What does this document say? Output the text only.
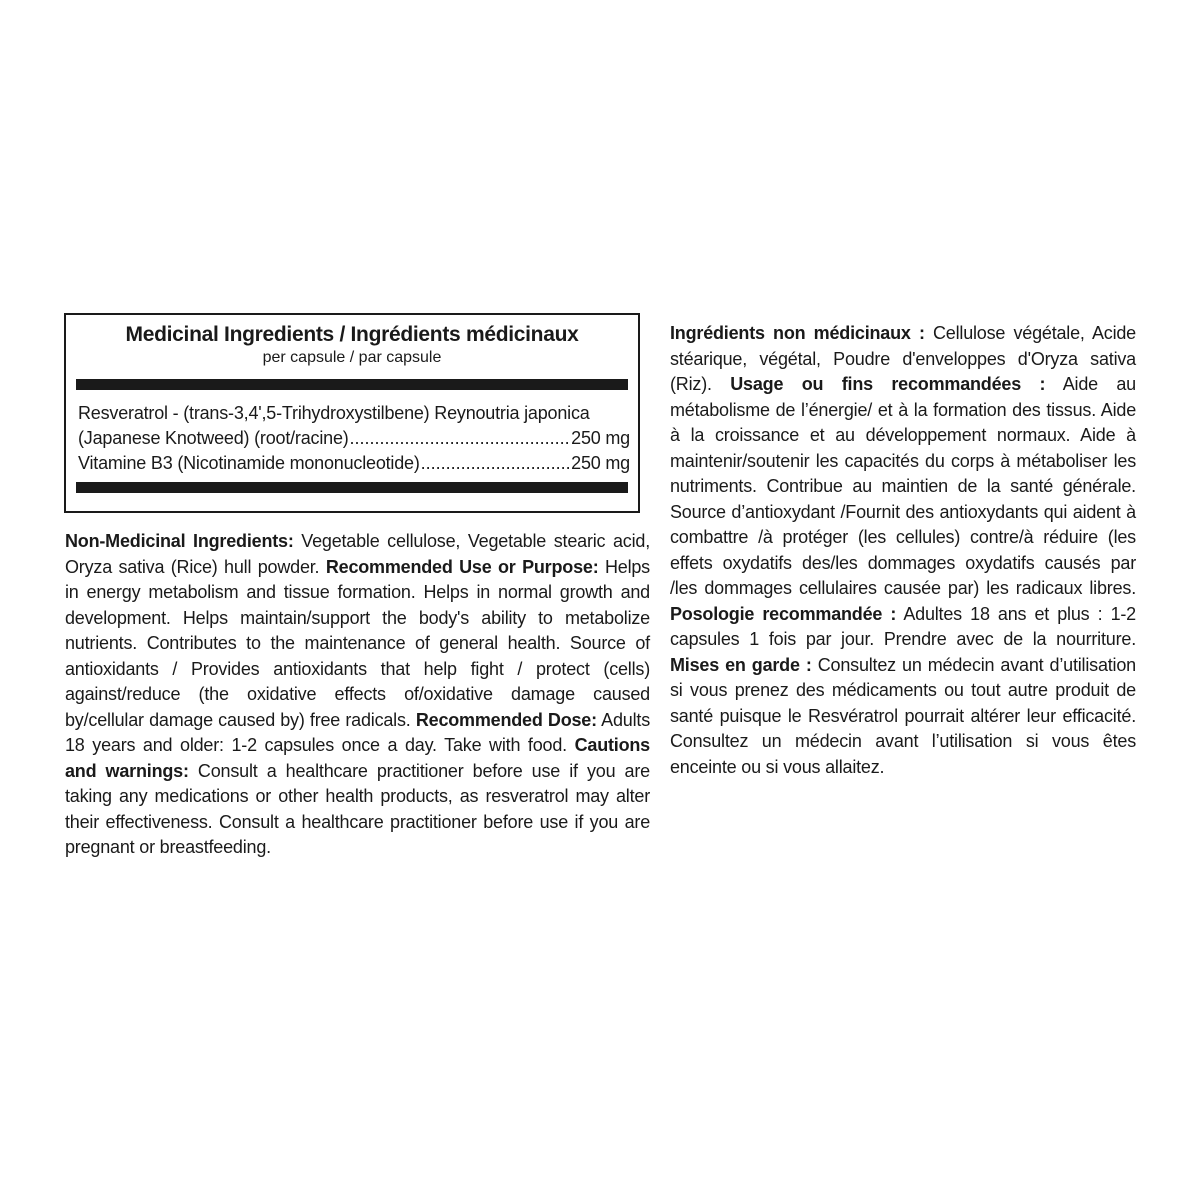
Medicinal Ingredients / Ingrédients médicinaux
per capsule / par capsule
Resveratrol - (trans-3,4',5-Trihydroxystilbene) Reynoutria japonica
(Japanese Knotweed) (root/racine) .....	250 mg
Vitamine B3 (Nicotinamide mononucleotide) .....	250 mg
Non-Medicinal Ingredients: Vegetable cellulose, Vegetable stearic acid, Oryza sativa (Rice) hull powder. Recommended Use or Purpose: Helps in energy metabolism and tissue formation. Helps in normal growth and development. Helps maintain/support the body's ability to metabolize nutrients. Contributes to the maintenance of general health. Source of antioxidants / Provides antioxidants that help fight / protect (cells) against/reduce (the oxidative effects of/oxidative damage caused by/cellular damage caused by) free radicals. Recommended Dose: Adults 18 years and older: 1-2 capsules once a day. Take with food. Cautions and warnings: Consult a healthcare practitioner before use if you are taking any medications or other health products, as resveratrol may alter their effectiveness. Consult a healthcare practitioner before use if you are pregnant or breastfeeding.
Ingrédients non médicinaux : Cellulose végétale, Acide stéarique, végétal, Poudre d'enveloppes d'Oryza sativa (Riz). Usage ou fins recommandées : Aide au métabolisme de l’énergie/ et à la formation des tissus. Aide à la croissance et au développement normaux. Aide à maintenir/soutenir les capacités du corps à métaboliser les nutriments. Contribue au maintien de la santé générale. Source d’antioxydant /Fournit des antioxydants qui aident à combattre /à protéger (les cellules) contre/à réduire (les effets oxydatifs des/les dommages oxydatifs causés par /les dommages cellulaires causée par) les radicaux libres. Posologie recommandée : Adultes 18 ans et plus : 1-2 capsules 1 fois par jour. Prendre avec de la nourriture. Mises en garde : Consultez un médecin avant d’utilisation si vous prenez des médicaments ou tout autre produit de santé puisque le Resvératrol pourrait altérer leur efficacité. Consultez un médecin avant l’utilisation si vous êtes enceinte ou si vous allaitez.
